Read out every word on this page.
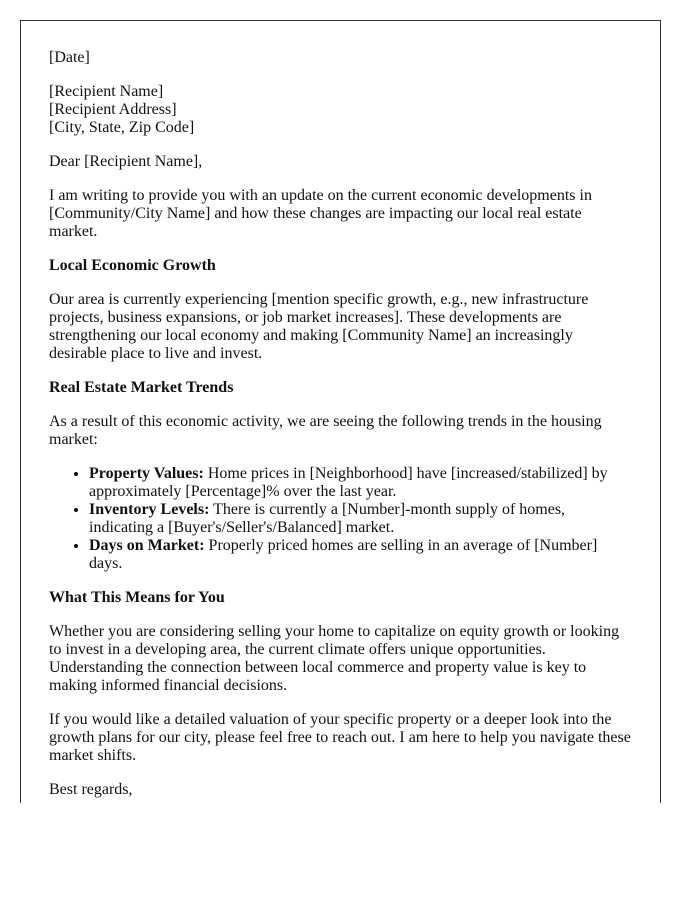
[Date]

[Recipient Name]
[Recipient Address]
[City, State, Zip Code]

Dear [Recipient Name],

I am writing to provide you with an update on the current economic developments in [Community/City Name] and how these changes are impacting our local real estate market.

Local Economic Growth

Our area is currently experiencing [mention specific growth, e.g., new infrastructure projects, business expansions, or job market increases]. These developments are strengthening our local economy and making [Community Name] an increasingly desirable place to live and invest.

Real Estate Market Trends

As a result of this economic activity, we are seeing the following trends in the housing market:

• Property Values: Home prices in [Neighborhood] have [increased/stabilized] by approximately [Percentage]% over the last year.
• Inventory Levels: There is currently a [Number]-month supply of homes, indicating a [Buyer's/Seller's/Balanced] market.
• Days on Market: Properly priced homes are selling in an average of [Number] days.
What This Means for You

Whether you are considering selling your home to capitalize on equity growth or looking to invest in a developing area, the current climate offers unique opportunities. Understanding the connection between local commerce and property value is key to making informed financial decisions.

If you would like a detailed valuation of your specific property or a deeper look into the growth plans for our city, please feel free to reach out. I am here to help you navigate these market shifts.

Best regards,
